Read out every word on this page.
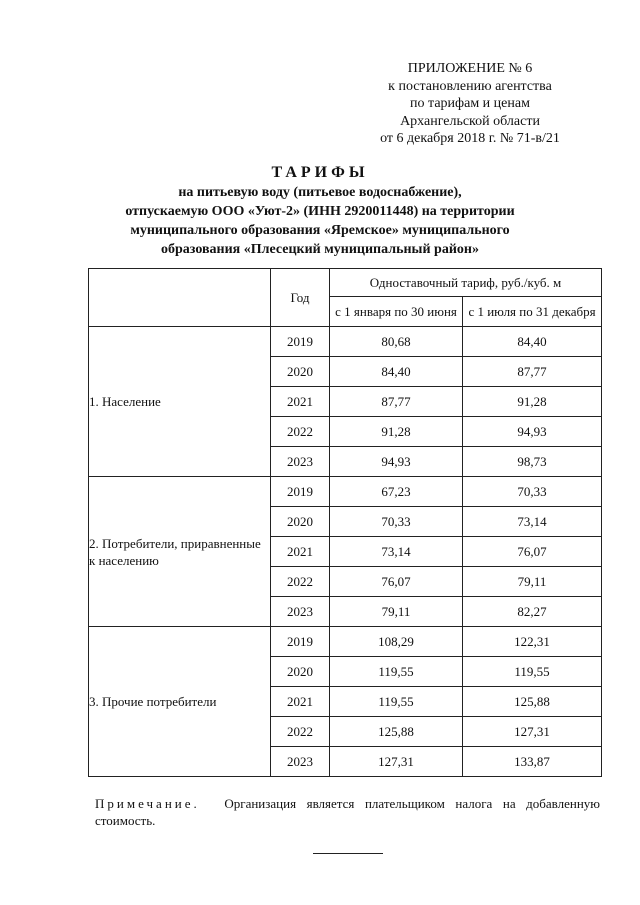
ПРИЛОЖЕНИЕ № 6
к постановлению агентства
по тарифам и ценам
Архангельской области
от 6 декабря 2018 г. № 71-в/21
ТАРИФЫ
на питьевую воду (питьевое водоснабжение),
отпускаемую ООО «Уют-2» (ИНН 2920011448) на территории
муниципального образования «Яремское» муниципального
образования «Плесецкий муниципальный район»
	Год	Одноставочный тариф, руб./куб. м	
		с 1 января по 30 июня	с 1 июля по 31 декабря
1. Население	2019	80,68	84,40
	2020	84,40	87,77
	2021	87,77	91,28
	2022	91,28	94,93
	2023	94,93	98,73
2. Потребители, приравненные к населению	2019	67,23	70,33
	2020	70,33	73,14
	2021	73,14	76,07
	2022	76,07	79,11
	2023	79,11	82,27
3. Прочие потребители	2019	108,29	122,31
	2020	119,55	119,55
	2021	119,55	125,88
	2022	125,88	127,31
	2023	127,31	133,87
Примечание. Организация является плательщиком налога на добавленную стоимость.
